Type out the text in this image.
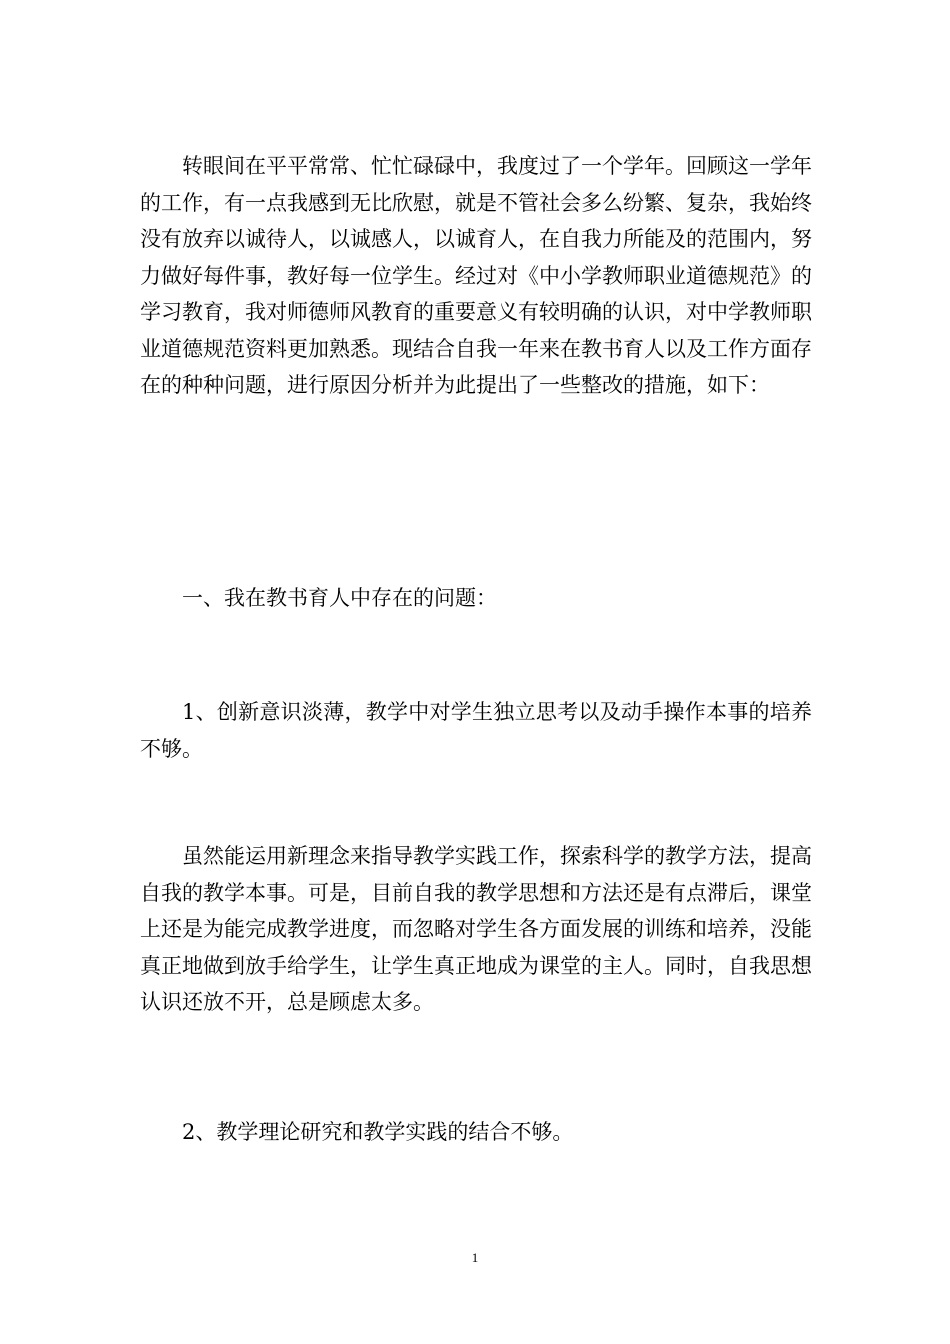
转眼间在平平常常、忙忙碌碌中，我度过了一个学年。回顾这一学年的工作，有一点我感到无比欣慰，就是不管社会多么纷繁、复杂，我始终没有放弃以诚待人，以诚感人，以诚育人，在自我力所能及的范围内，努力做好每件事，教好每一位学生。经过对《中小学教师职业道德规范》的学习教育，我对师德师风教育的重要意义有较明确的认识，对中学教师职业道德规范资料更加熟悉。现结合自我一年来在教书育人以及工作方面存在的种种问题，进行原因分析并为此提出了一些整改的措施，如下：

一、我在教书育人中存在的问题：

1、创新意识淡薄，教学中对学生独立思考以及动手操作本事的培养不够。

虽然能运用新理念来指导教学实践工作，探索科学的教学方法，提高自我的教学本事。可是，目前自我的教学思想和方法还是有点滞后，课堂上还是为能完成教学进度，而忽略对学生各方面发展的训练和培养，没能真正地做到放手给学生，让学生真正地成为课堂的主人。同时，自我思想认识还放不开，总是顾虑太多。

2、教学理论研究和教学实践的结合不够。

1
